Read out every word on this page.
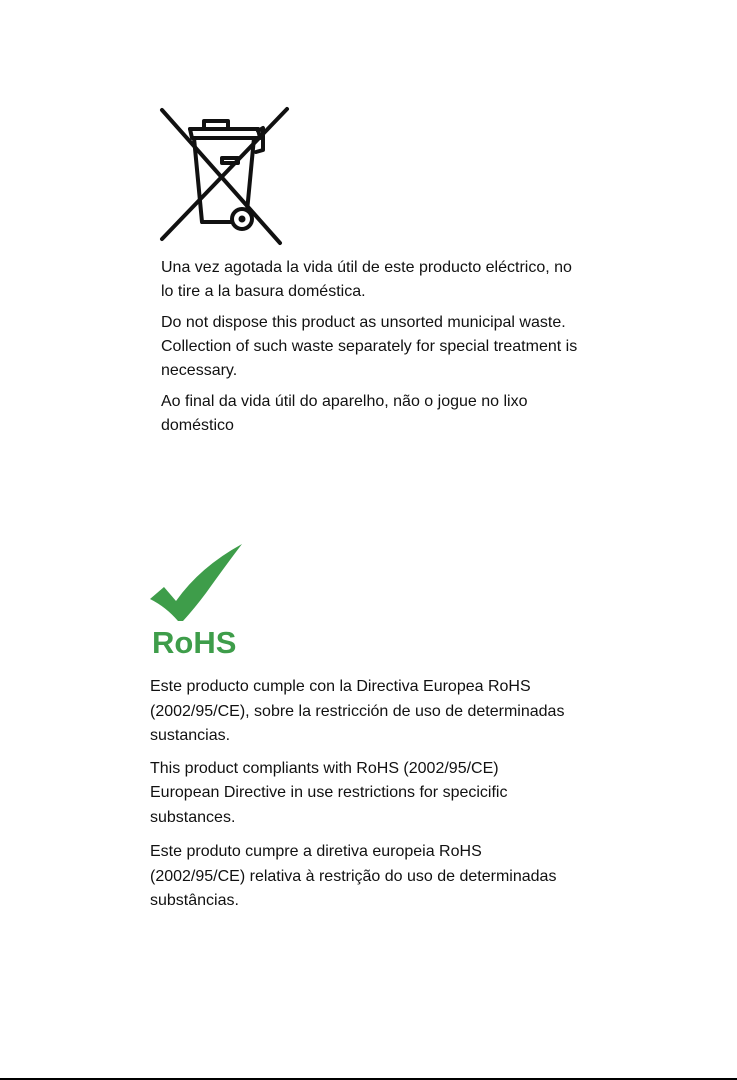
Una vez agotada la vida útil de este producto eléctrico, no lo tire a la basura doméstica.

Do not dispose this product as unsorted municipal waste. Collection of such waste separately for special treatment is necessary.

Ao final da vida útil do aparelho, não o jogue no lixo doméstico

RoHS

Este producto cumple con la Directiva Europea RoHS (2002/95/CE), sobre la restricción de uso de determinadas sustancias.

This product compliants with RoHS (2002/95/CE) European Directive in use restrictions for specicific substances.

Este produto cumpre a diretiva europeia RoHS (2002/95/CE) relativa à restrição do uso de determinadas substâncias.
